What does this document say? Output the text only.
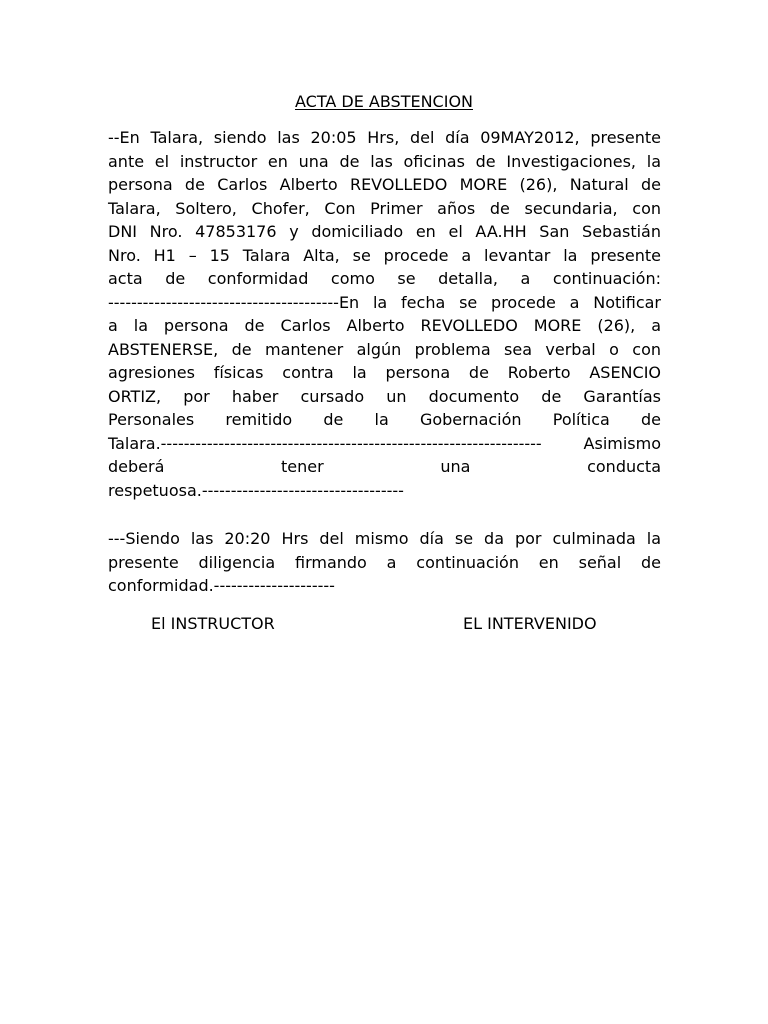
ACTA DE ABSTENCION
--En Talara, siendo las 20:05 Hrs, del día 09MAY2012, presente
ante el instructor en una de las oficinas de Investigaciones, la
persona de Carlos Alberto REVOLLEDO MORE (26), Natural de
Talara, Soltero, Chofer, Con Primer años de secundaria, con
DNI Nro. 47853176 y domiciliado en el AA.HH San Sebastián
Nro. H1 – 15 Talara Alta, se procede a levantar la presente
acta de conformidad como se detalla, a continuación:
----------------------------------------En la fecha se procede a Notificar
a la persona de Carlos Alberto REVOLLEDO MORE (26), a
ABSTENERSE, de mantener algún problema sea verbal o con
agresiones físicas contra la persona de Roberto ASENCIO
ORTIZ, por haber cursado un documento de Garantías
Personales remitido de la Gobernación Política de
Talara.------------------------------------------------------------------ Asimismo
deberá tener una conducta
respetuosa.-----------------------------------
---Siendo las 20:20 Hrs del mismo día se da por culminada la
presente diligencia firmando a continuación en señal de
conformidad.---------------------
El INSTRUCTOR	EL INTERVENIDO
